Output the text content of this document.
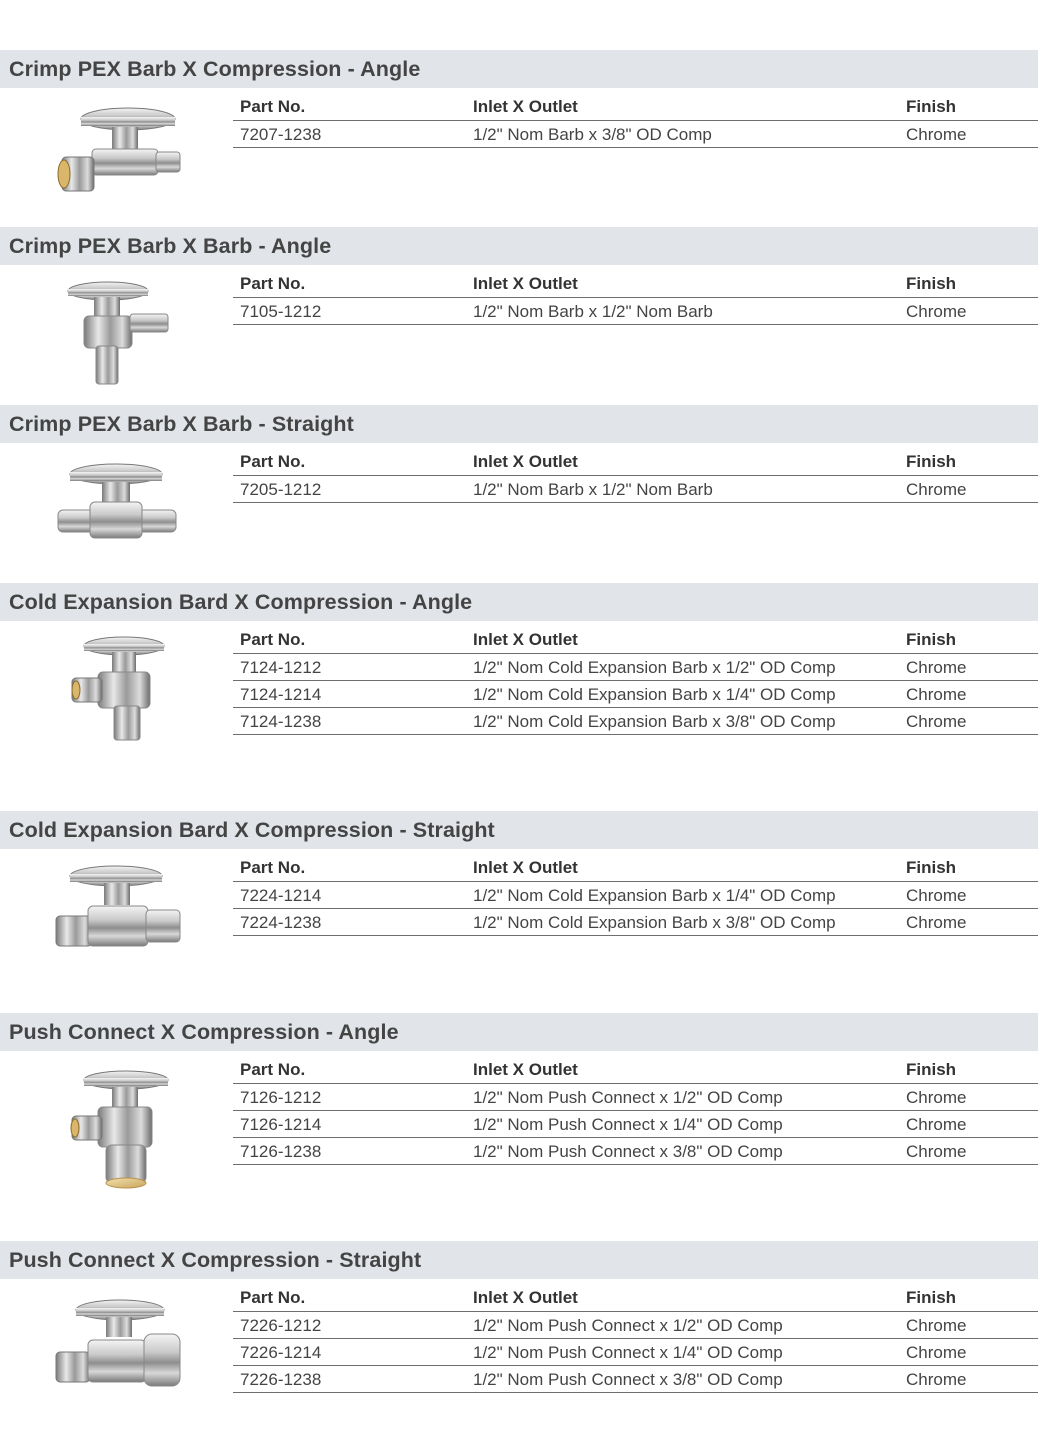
Crimp PEX Barb X Compression - Angle
Part No.	Inlet X Outlet	Finish
7207-1238	1/2" Nom Barb x 3/8" OD Comp	Chrome
Crimp PEX Barb X Barb - Angle
Part No.	Inlet X Outlet	Finish
7105-1212	1/2" Nom Barb x 1/2" Nom Barb	Chrome
Crimp PEX Barb X Barb - Straight
Part No.	Inlet X Outlet	Finish
7205-1212	1/2" Nom Barb x 1/2" Nom Barb	Chrome
Cold Expansion Bard X Compression - Angle
Part No.	Inlet X Outlet	Finish
7124-1212	1/2" Nom Cold Expansion Barb x 1/2" OD Comp	Chrome
7124-1214	1/2" Nom Cold Expansion Barb x 1/4" OD Comp	Chrome
7124-1238	1/2" Nom Cold Expansion Barb x 3/8" OD Comp	Chrome
Cold Expansion Bard X Compression - Straight
Part No.	Inlet X Outlet	Finish
7224-1214	1/2" Nom Cold Expansion Barb x 1/4" OD Comp	Chrome
7224-1238	1/2" Nom Cold Expansion Barb x 3/8" OD Comp	Chrome
Push Connect X Compression - Angle
Part No.	Inlet X Outlet	Finish
7126-1212	1/2" Nom Push Connect x 1/2" OD Comp	Chrome
7126-1214	1/2" Nom Push Connect x 1/4" OD Comp	Chrome
7126-1238	1/2" Nom Push Connect x 3/8" OD Comp	Chrome
Push Connect X Compression - Straight
Part No.	Inlet X Outlet	Finish
7226-1212	1/2" Nom Push Connect x 1/2" OD Comp	Chrome
7226-1214	1/2" Nom Push Connect x 1/4" OD Comp	Chrome
7226-1238	1/2" Nom Push Connect x 3/8" OD Comp	Chrome
